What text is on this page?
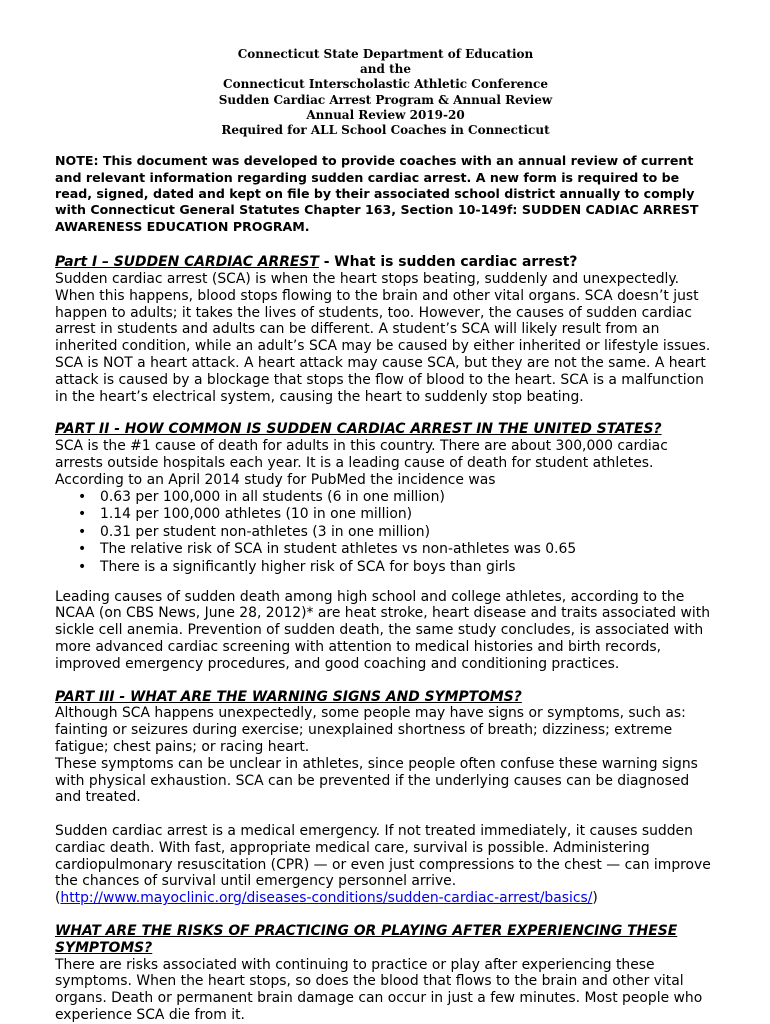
Connecticut State Department of Education
and the
Connecticut Interscholastic Athletic Conference
Sudden Cardiac Arrest Program & Annual Review
Annual Review 2019-20
Required for ALL School Coaches in Connecticut
NOTE: This document was developed to provide coaches with an annual review of current and relevant information regarding sudden cardiac arrest. A new form is required to be read, signed, dated and kept on file by their associated school district annually to comply with Connecticut General Statutes Chapter 163, Section 10-149f: SUDDEN CADIAC ARREST AWARENESS EDUCATION PROGRAM.
Part I – SUDDEN CARDIAC ARREST - What is sudden cardiac arrest?
Sudden cardiac arrest (SCA) is when the heart stops beating, suddenly and unexpectedly. When this happens, blood stops flowing to the brain and other vital organs. SCA doesn’t just happen to adults; it takes the lives of students, too. However, the causes of sudden cardiac arrest in students and adults can be different. A student’s SCA will likely result from an inherited condition, while an adult’s SCA may be caused by either inherited or lifestyle issues. SCA is NOT a heart attack. A heart attack may cause SCA, but they are not the same. A heart attack is caused by a blockage that stops the flow of blood to the heart. SCA is a malfunction in the heart’s electrical system, causing the heart to suddenly stop beating.
PART II - HOW COMMON IS SUDDEN CARDIAC ARREST IN THE UNITED STATES?
SCA is the #1 cause of death for adults in this country. There are about 300,000 cardiac arrests outside hospitals each year. It is a leading cause of death for student athletes. According to an April 2014 study for PubMed the incidence was
• 0.63 per 100,000 in all students (6 in one million)
• 1.14 per 100,000 athletes (10 in one million)
• 0.31 per student non-athletes (3 in one million)
• The relative risk of SCA in student athletes vs non-athletes was 0.65
• There is a significantly higher risk of SCA for boys than girls
Leading causes of sudden death among high school and college athletes, according to the NCAA (on CBS News, June 28, 2012)* are heat stroke, heart disease and traits associated with sickle cell anemia. Prevention of sudden death, the same study concludes, is associated with more advanced cardiac screening with attention to medical histories and birth records, improved emergency procedures, and good coaching and conditioning practices.
PART III - WHAT ARE THE WARNING SIGNS AND SYMPTOMS?
Although SCA happens unexpectedly, some people may have signs or symptoms, such as: fainting or seizures during exercise; unexplained shortness of breath; dizziness; extreme fatigue; chest pains; or racing heart.
These symptoms can be unclear in athletes, since people often confuse these warning signs with physical exhaustion. SCA can be prevented if the underlying causes can be diagnosed and treated.
Sudden cardiac arrest is a medical emergency. If not treated immediately, it causes sudden cardiac death. With fast, appropriate medical care, survival is possible. Administering cardiopulmonary resuscitation (CPR) — or even just compressions to the chest — can improve the chances of survival until emergency personnel arrive.
(http://www.mayoclinic.org/diseases-conditions/sudden-cardiac-arrest/basics/)
WHAT ARE THE RISKS OF PRACTICING OR PLAYING AFTER EXPERIENCING THESE SYMPTOMS?
There are risks associated with continuing to practice or play after experiencing these symptoms. When the heart stops, so does the blood that flows to the brain and other vital organs. Death or permanent brain damage can occur in just a few minutes. Most people who experience SCA die from it.
